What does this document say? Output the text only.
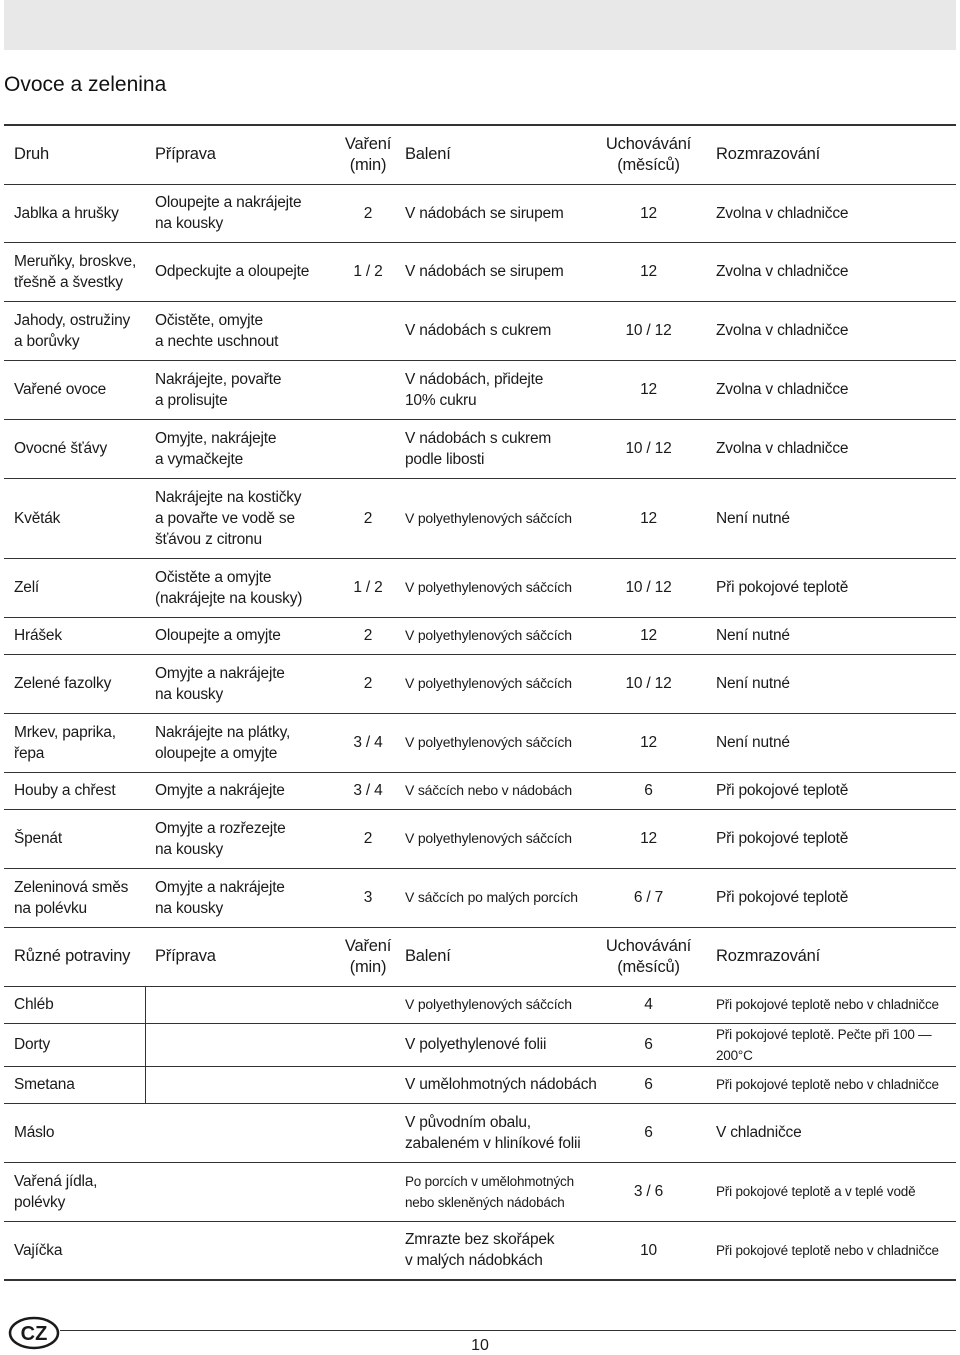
Ovoce a zelenina
Druh	Příprava	Vaření
(min)	Balení	Uchovávání
(měsíců)	Rozmrazování

Jablka a hrušky	Oloupejte a nakrájejte
na kousky	2	V nádobách se sirupem	12	Zvolna v chladničce

Meruňky, broskve,
třešně a švestky	Odpeckujte a oloupejte	1 / 2	V nádobách se sirupem	12	Zvolna v chladničce

Jahody, ostružiny
a borůvky	Očistěte, omyjte
a nechte uschnout		V nádobách s cukrem	10 / 12	Zvolna v chladničce

Vařené ovoce	Nakrájejte, povařte
a prolisujte		V nádobách, přidejte
10% cukru	12	Zvolna v chladničce

Ovocné šťávy	Omyjte, nakrájejte
a vymačkejte		V nádobách s cukrem
podle libosti	10 / 12	Zvolna v chladničce

Květák	Nakrájejte na kostičky
a povařte ve vodě se
šťávou z citronu	2	V polyethylenových sáčcích	12	Není nutné

Zelí	Očistěte a omyjte
(nakrájejte na kousky)	1 / 2	V polyethylenových sáčcích	10 / 12	Při pokojové teplotě

Hrášek	Oloupejte a omyjte	2	V polyethylenových sáčcích	12	Není nutné

Zelené fazolky	Omyjte a nakrájejte
na kousky	2	V polyethylenových sáčcích	10 / 12	Není nutné

Mrkev, paprika,
řepa	Nakrájejte na plátky,
oloupejte a omyjte	3 / 4	V polyethylenových sáčcích	12	Není nutné

Houby a chřest	Omyjte a nakrájejte	3 / 4	V sáčcích nebo v nádobách	6	Při pokojové teplotě

Špenát	Omyjte a rozřezejte
na kousky	2	V polyethylenových sáčcích	12	Při pokojové teplotě

Zeleninová směs
na polévku	Omyjte a nakrájejte
na kousky	3	V sáčcích po malých porcích	6 / 7	Při pokojové teplotě
Různé potraviny	Příprava	Vaření
(min)	Balení	Uchovávání
(měsíců)	Rozmrazování

Chléb			V polyethylenových sáčcích	4	Při pokojové teplotě nebo v chladničce

Dorty			V polyethylenové folii	6	Při pokojové teplotě. Pečte při 100 — 200°C

Smetana			V umělohmotných nádobách	6	Při pokojové teplotě nebo v chladničce

Máslo			V původním obalu,
zabaleném v hliníkové folii	6	V chladničce

Vařená jídla,
polévky			Po porcích v umělohmotných
nebo skleněných nádobách	3 / 6	Při pokojové teplotě a v teplé vodě

Vajíčka			Zmrazte bez skořápek
v malých nádobkách	10	Při pokojové teplotě nebo v chladničce
CZ
10
